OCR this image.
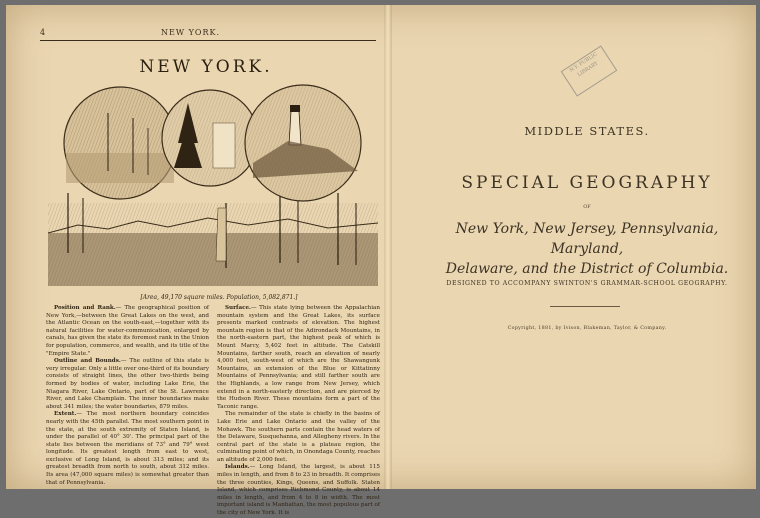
4	NEW YORK.
NEW YORK.
[Area, 49,170 square miles. Population, 5,082,871.]

Position and Rank.— The geographical position of New York,—between the Great Lakes on the west, and the Atlantic Ocean on the south-east,—together with its natural facilities for water-communication, enlarged by canals, has given the state its foremost rank in the Union for population, commerce, and wealth, and its title of the "Empire State."

Outline and Bounds.— The outline of this state is very irregular. Only a little over one-third of its boundary consists of straight lines, the other two-thirds being formed by bodies of water, including Lake Erie, the Niagara River, Lake Ontario, part of the St. Lawrence River, and Lake Champlain. The inner boundaries make about 341 miles; the water boundaries, 879 miles.

Extent.— The most northern boundary coincides nearly with the 45th parallel. The most southern point in the state, at the south extremity of Staten Island, is under the parallel of 40° 30'. The principal part of the state lies between the meridians of 73° and 79° west longitude. Its greatest length from east to west, exclusive of Long Island, is about 313 miles; and its greatest breadth from north to south, about 312 miles. Its area (47,000 square miles) is somewhat greater than that of Pennsylvania.

Surface.— This state lying between the Appalachian mountain system and the Great Lakes, its surface presents marked contrasts of elevation. The highest mountain region is that of the Adirondack Mountains, in the north-eastern part, the highest peak of which is Mount Marcy, 5,402 feet in altitude. The Catskill Mountains, farther south, reach an elevation of nearly 4,000 feet, south-west of which are the Shawangunk Mountains, an extension of the Blue or Kittatinny Mountains of Pennsylvania; and still farther south are the Highlands, a low range from New Jersey, which extend in a north-easterly direction, and are pierced by the Hudson River. These mountains form a part of the Taconic range.

The remainder of the state is chiefly in the basins of Lake Erie and Lake Ontario and the valley of the Mohawk. The southern parts contain the head waters of the Delaware, Susquehanna, and Allegheny rivers. In the central part of the state is a plateau region, the culminating point of which, in Onondaga County, reaches an altitude of 2,000 feet.

Islands.— Long Island, the largest, is about 115 miles in length, and from 8 to 23 in breadth. It comprises the three counties, Kings, Queens, and Suffolk. Staten Island, which comprises Richmond County, is about 14 miles in length, and from 4 to 8 in width. The most important island is Manhattan, the most populous part of the city of New York. It is

N.Y. PUBLIC LIBRARY
MIDDLE STATES.
SPECIAL GEOGRAPHY
OF
New York, New Jersey, Pennsylvania, Maryland,
Delaware, and the District of Columbia.
DESIGNED TO ACCOMPANY SWINTON'S GRAMMAR-SCHOOL GEOGRAPHY.
Copyright, 1881, by Ivison, Blakeman, Taylor, & Company.
